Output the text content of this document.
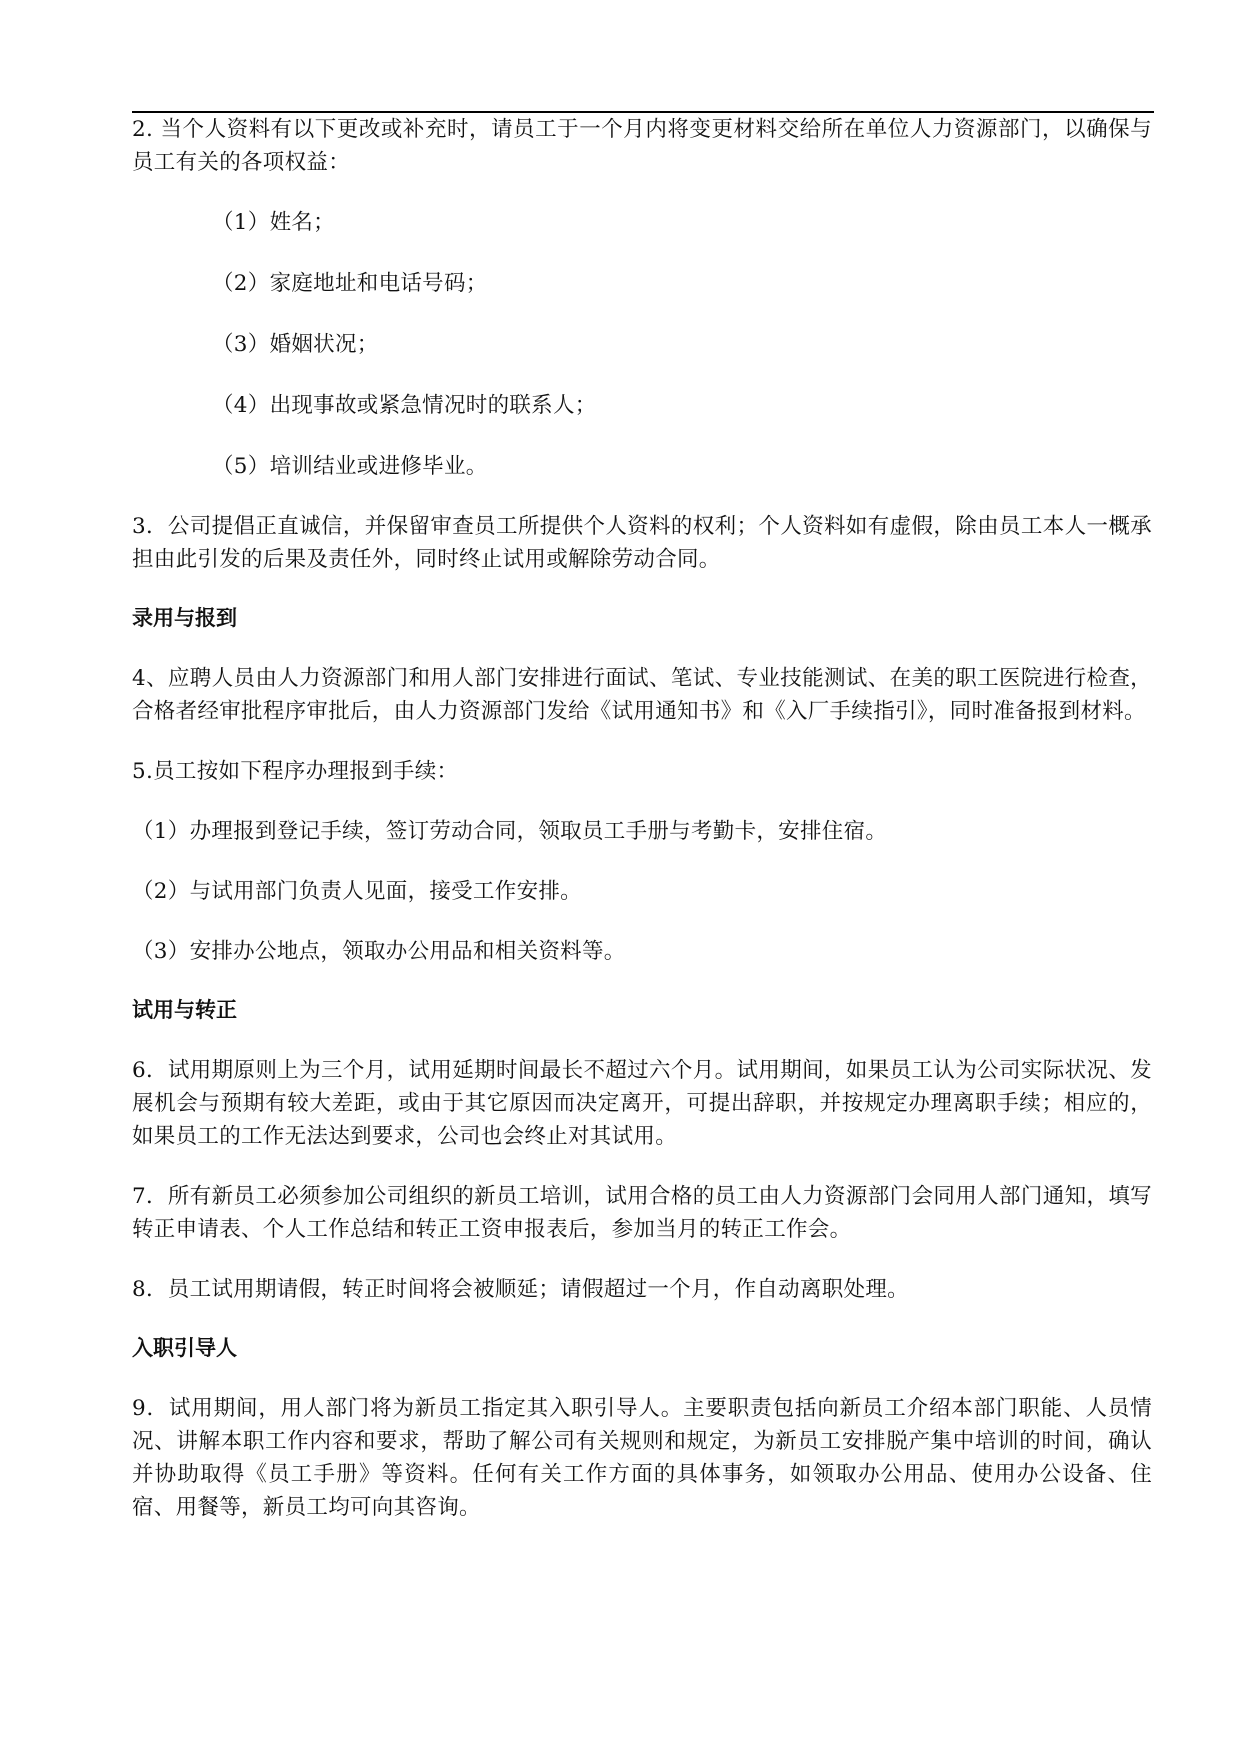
2. 当个人资料有以下更改或补充时，请员工于一个月内将变更材料交给所在单位人力资源部门，以确保与员工有关的各项权益：

（1）姓名；

（2）家庭地址和电话号码；

（3）婚姻状况；

（4）出现事故或紧急情况时的联系人；

（5）培训结业或进修毕业。

3．公司提倡正直诚信，并保留审查员工所提供个人资料的权利；个人资料如有虚假，除由员工本人一概承担由此引发的后果及责任外，同时终止试用或解除劳动合同。

录用与报到

4、应聘人员由人力资源部门和用人部门安排进行面试、笔试、专业技能测试、在美的职工医院进行检查，合格者经审批程序审批后，由人力资源部门发给《试用通知书》和《入厂手续指引》，同时准备报到材料。

5.员工按如下程序办理报到手续：

（1）办理报到登记手续，签订劳动合同，领取员工手册与考勤卡，安排住宿。

（2）与试用部门负责人见面，接受工作安排。

（3）安排办公地点，领取办公用品和相关资料等。

试用与转正

6．试用期原则上为三个月，试用延期时间最长不超过六个月。试用期间，如果员工认为公司实际状况、发展机会与预期有较大差距，或由于其它原因而决定离开，可提出辞职，并按规定办理离职手续；相应的，如果员工的工作无法达到要求，公司也会终止对其试用。

7．所有新员工必须参加公司组织的新员工培训，试用合格的员工由人力资源部门会同用人部门通知，填写转正申请表、个人工作总结和转正工资申报表后，参加当月的转正工作会。

8．员工试用期请假，转正时间将会被顺延；请假超过一个月，作自动离职处理。

入职引导人

9．试用期间，用人部门将为新员工指定其入职引导人。主要职责包括向新员工介绍本部门职能、人员情况、讲解本职工作内容和要求，帮助了解公司有关规则和规定，为新员工安排脱产集中培训的时间，确认并协助取得《员工手册》等资料。任何有关工作方面的具体事务，如领取办公用品、使用办公设备、住宿、用餐等，新员工均可向其咨询。
